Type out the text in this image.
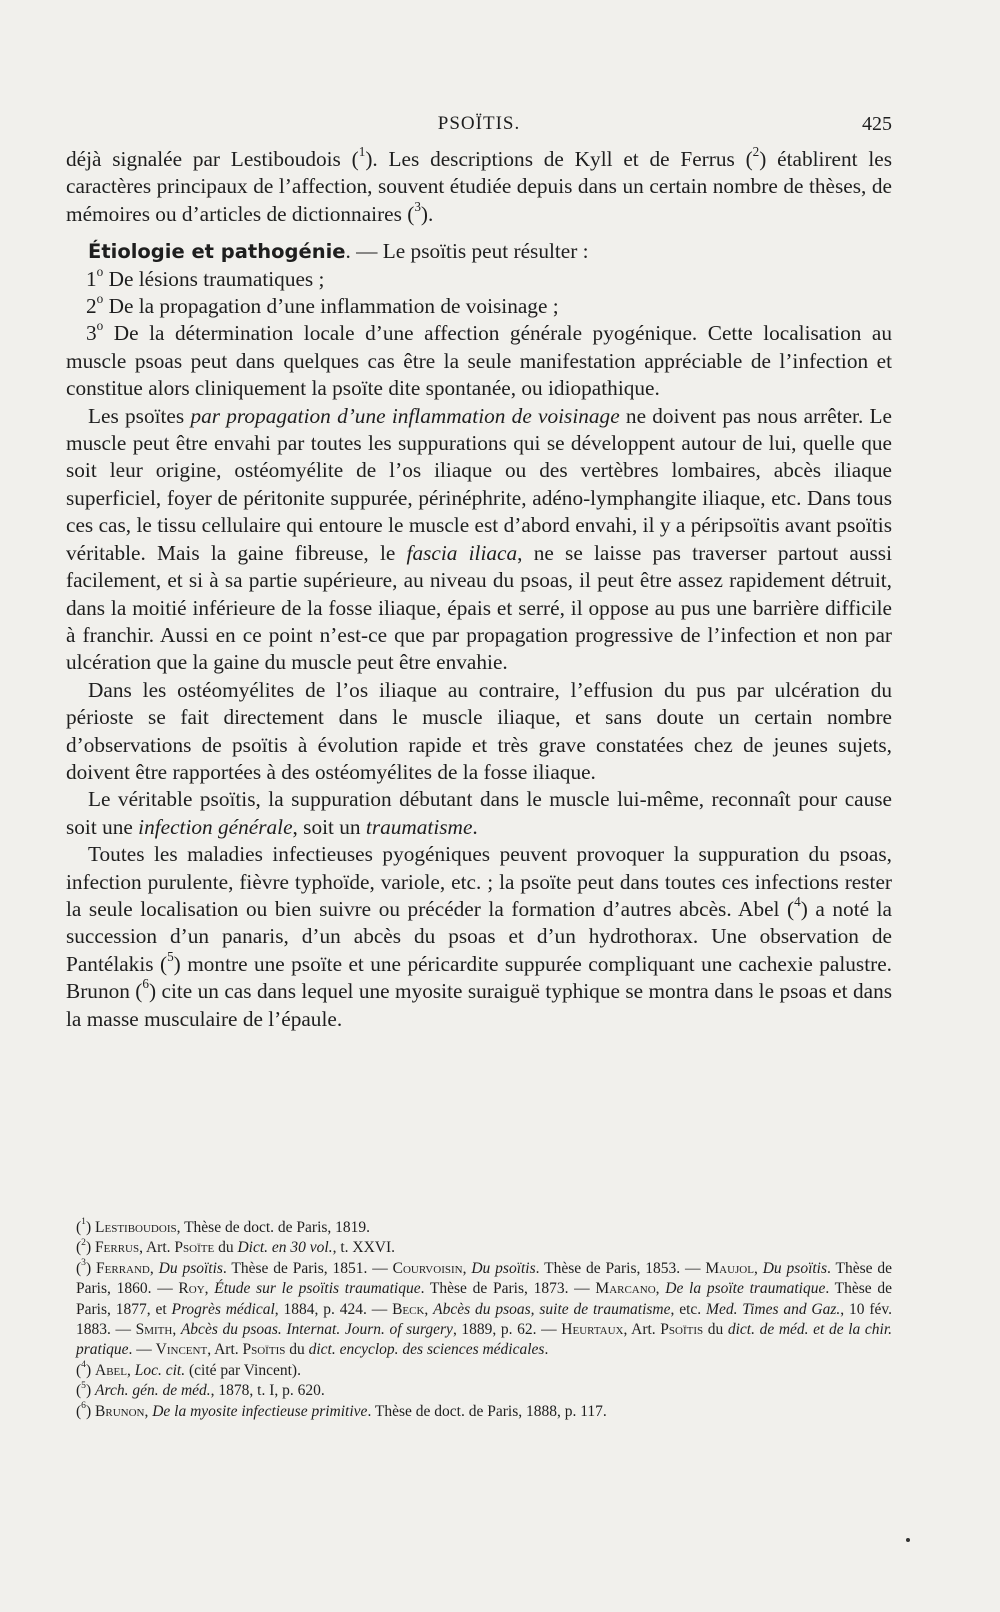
PSOÏTIS.	425

déjà signalée par Lestiboudois ($^1$). Les descriptions de Kyll et de Ferrus ($^2$) établirent les caractères principaux de l’affection, souvent étudiée depuis dans un certain nombre de thèses, de mémoires ou d’articles de dictionnaires ($^3$).

Étiologie et pathogénie. — Le psoïtis peut résulter :

1$^o$ De lésions traumatiques ;

2$^o$ De la propagation d’une inflammation de voisinage ;

3$^o$ De la détermination locale d’une affection générale pyogénique. Cette localisation au muscle psoas peut dans quelques cas être la seule manifestation appréciable de l’infection et constitue alors cliniquement la psoïte dite spontanée, ou idiopathique.

Les psoïtes par propagation d’une inflammation de voisinage ne doivent pas nous arrêter. Le muscle peut être envahi par toutes les suppurations qui se développent autour de lui, quelle que soit leur origine, ostéomyélite de l’os iliaque ou des vertèbres lombaires, abcès iliaque superficiel, foyer de péritonite suppurée, périnéphrite, adéno-lymphangite iliaque, etc. Dans tous ces cas, le tissu cellulaire qui entoure le muscle est d’abord envahi, il y a péripsoïtis avant psoïtis véritable. Mais la gaine fibreuse, le fascia iliaca, ne se laisse pas traverser partout aussi facilement, et si à sa partie supérieure, au niveau du psoas, il peut être assez rapidement détruit, dans la moitié inférieure de la fosse iliaque, épais et serré, il oppose au pus une barrière difficile à franchir. Aussi en ce point n’est-ce que par propagation progressive de l’infection et non par ulcération que la gaine du muscle peut être envahie.

Dans les ostéomyélites de l’os iliaque au contraire, l’effusion du pus par ulcération du périoste se fait directement dans le muscle iliaque, et sans doute un certain nombre d’observations de psoïtis à évolution rapide et très grave constatées chez de jeunes sujets, doivent être rapportées à des ostéomyélites de la fosse iliaque.

Le véritable psoïtis, la suppuration débutant dans le muscle lui-même, reconnaît pour cause soit une infection générale, soit un traumatisme.

Toutes les maladies infectieuses pyogéniques peuvent provoquer la suppuration du psoas, infection purulente, fièvre typhoïde, variole, etc. ; la psoïte peut dans toutes ces infections rester la seule localisation ou bien suivre ou précéder la formation d’autres abcès. Abel ($^4$) a noté la succession d’un panaris, d’un abcès du psoas et d’un hydrothorax. Une observation de Pantélakis ($^5$) montre une psoïte et une péricardite suppurée compliquant une cachexie palustre. Brunon ($^6$) cite un cas dans lequel une myosite suraiguë typhique se montra dans le psoas et dans la masse musculaire de l’épaule.

($^1$) Lestiboudois, Thèse de doct. de Paris, 1819.

($^2$) Ferrus, Art. Psoïte du Dict. en 30 vol., t. XXVI.

($^3$) Ferrand, Du psoïtis. Thèse de Paris, 1851. — Courvoisin, Du psoïtis. Thèse de Paris, 1853. — Maujol, Du psoïtis. Thèse de Paris, 1860. — Roy, Étude sur le psoïtis traumatique. Thèse de Paris, 1873. — Marcano, De la psoïte traumatique. Thèse de Paris, 1877, et Progrès médical, 1884, p. 424. — Beck, Abcès du psoas, suite de traumatisme, etc. Med. Times and Gaz., 10 fév. 1883. — Smith, Abcès du psoas. Internat. Journ. of surgery, 1889, p. 62. — Heurtaux, Art. Psoïtis du dict. de méd. et de la chir. pratique. — Vincent, Art. Psoïtis du dict. encyclop. des sciences médicales.

($^4$) Abel, Loc. cit. (cité par Vincent).

($^5$) Arch. gén. de méd., 1878, t. I, p. 620.

($^6$) Brunon, De la myosite infectieuse primitive. Thèse de doct. de Paris, 1888, p. 117.
